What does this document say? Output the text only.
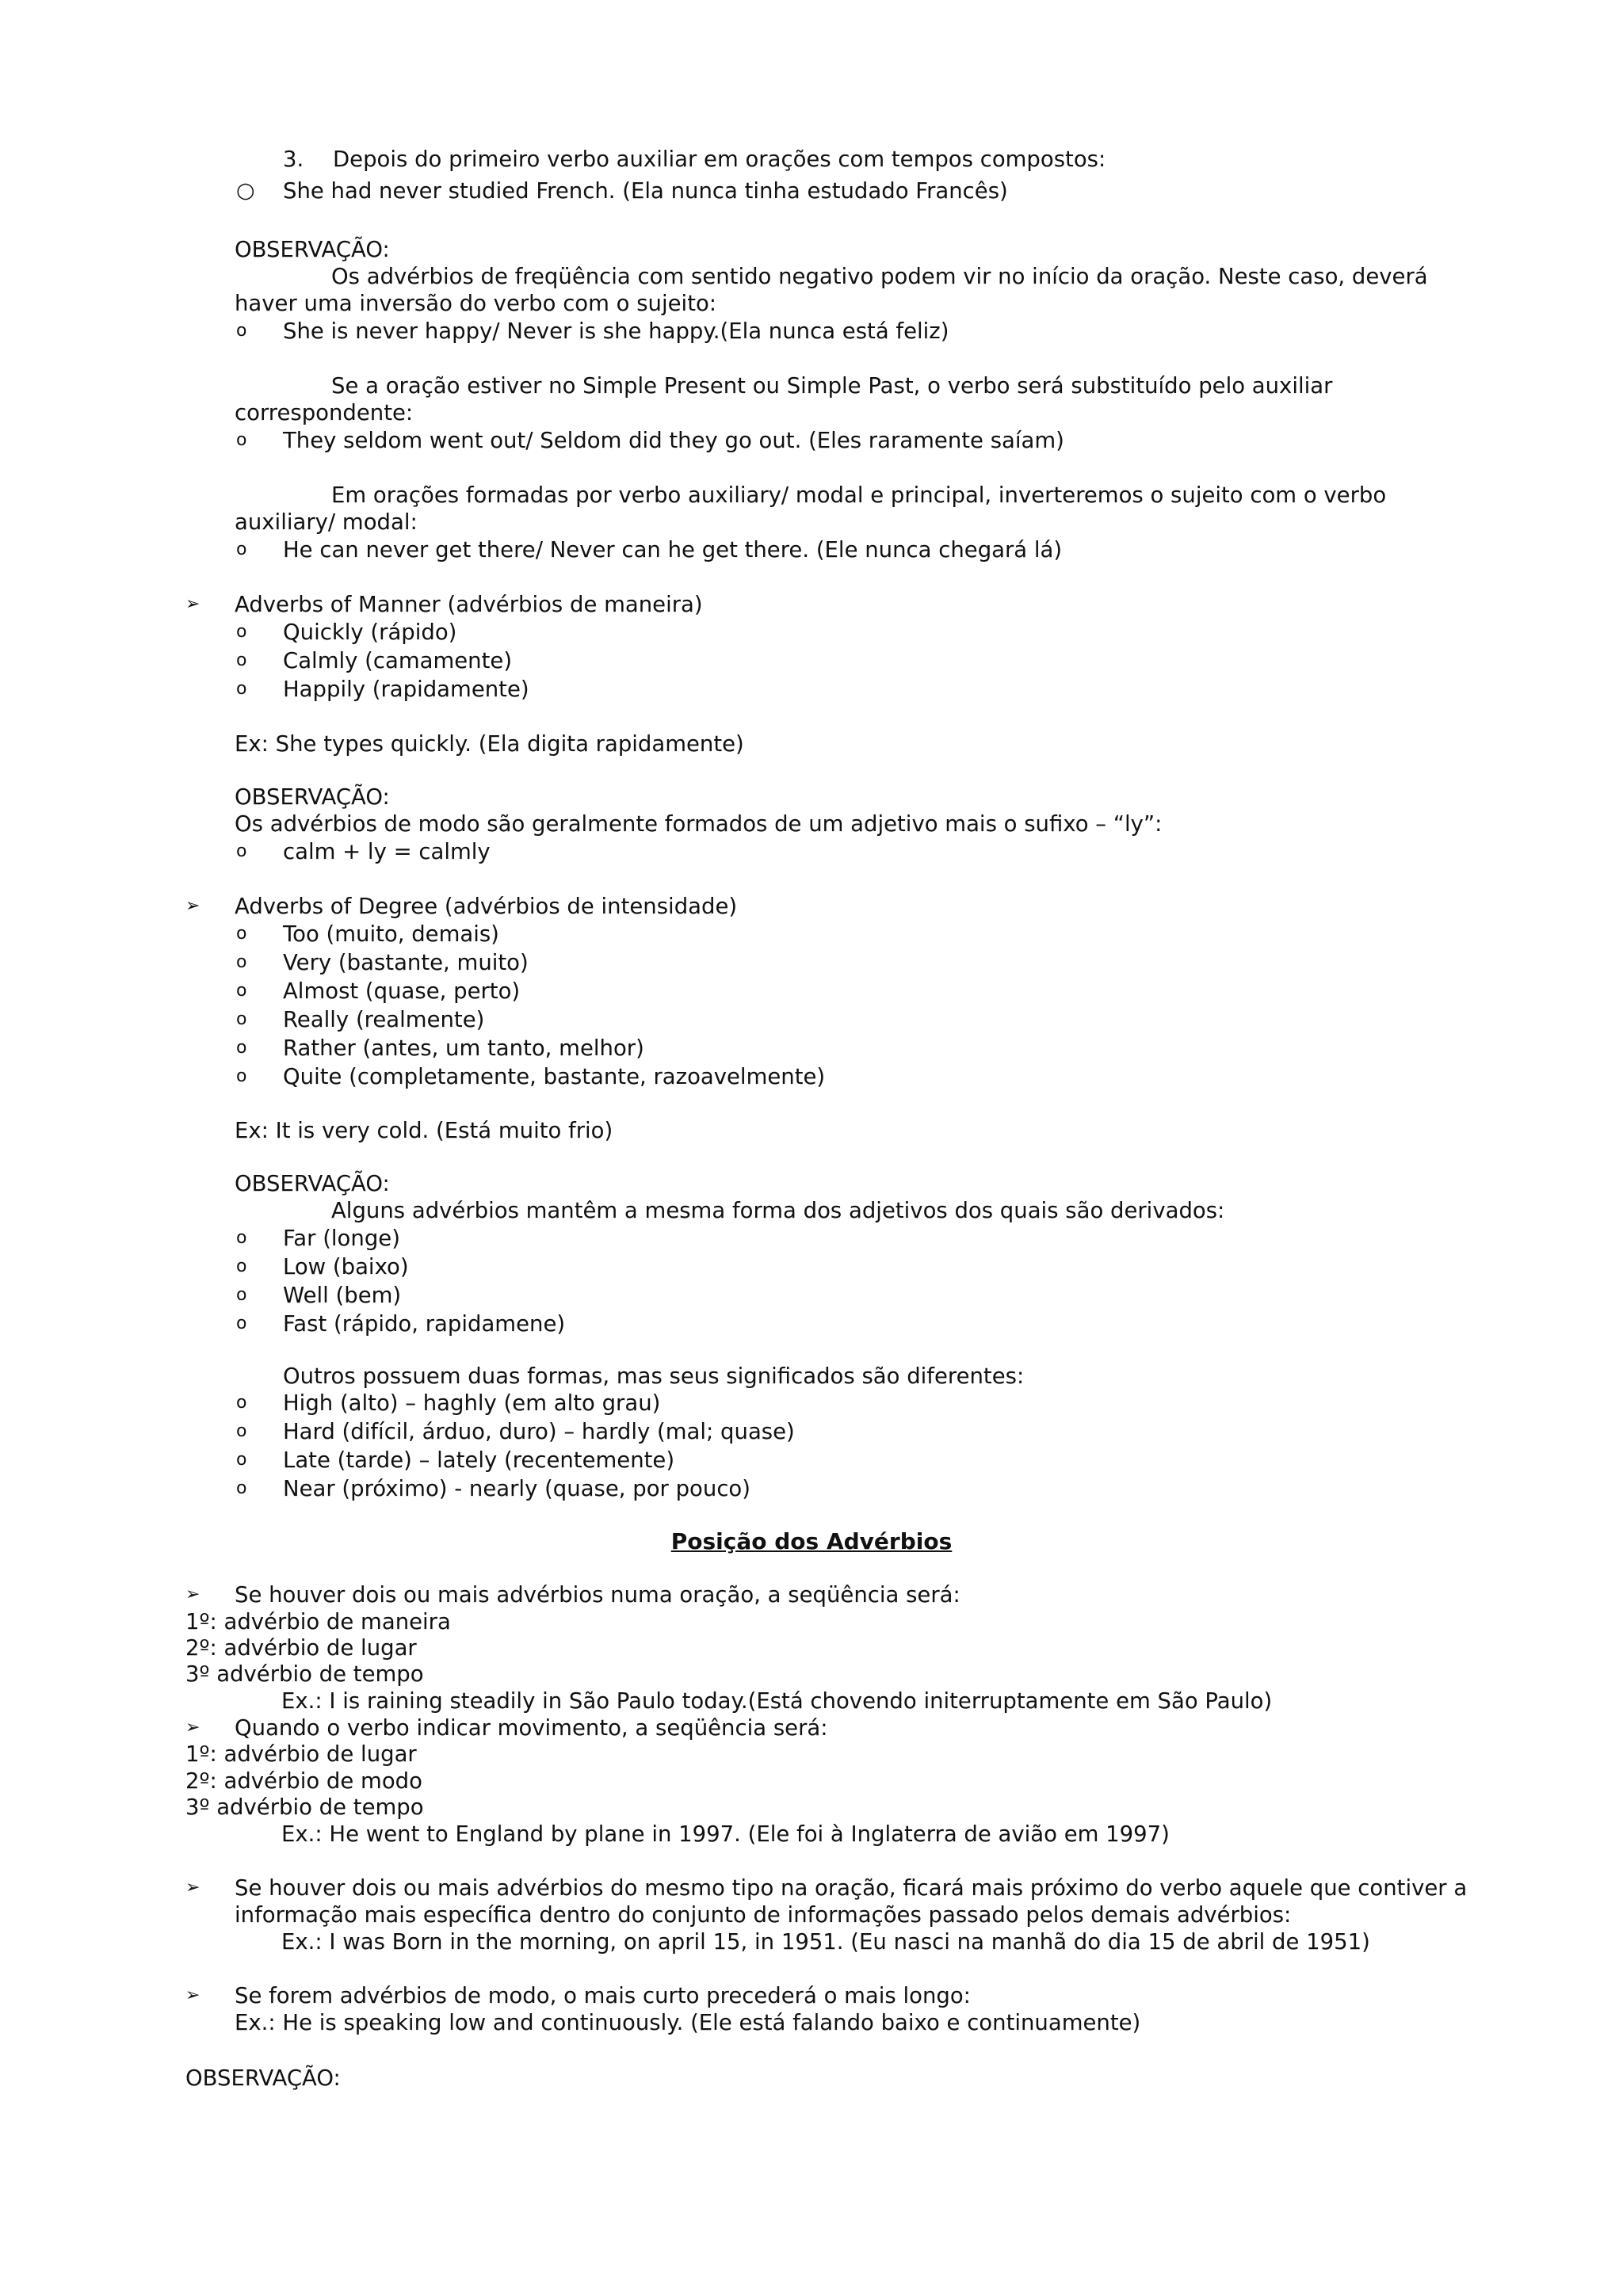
3. Depois do primeiro verbo auxiliar em orações com tempos compostos:
○ She had never studied French. (Ela nunca tinha estudado Francês)
OBSERVAÇÃO:
Os advérbios de freqüência com sentido negativo podem vir no início da oração. Neste caso, deverá
haver uma inversão do verbo com o sujeito:
o She is never happy/ Never is she happy.(Ela nunca está feliz)
Se a oração estiver no Simple Present ou Simple Past, o verbo será substituído pelo auxiliar
correspondente:
o They seldom went out/ Seldom did they go out. (Eles raramente saíam)
Em orações formadas por verbo auxiliary/ modal e principal, inverteremos o sujeito com o verbo
auxiliary/ modal:
o He can never get there/ Never can he get there. (Ele nunca chegará lá)
➢ Adverbs of Manner (advérbios de maneira)
o Quickly (rápido)
o Calmly (camamente)
o Happily (rapidamente)
Ex: She types quickly. (Ela digita rapidamente)
OBSERVAÇÃO:
Os advérbios de modo são geralmente formados de um adjetivo mais o sufixo – “ly”:
o calm + ly = calmly
➢ Adverbs of Degree (advérbios de intensidade)
o Too (muito, demais)
o Very (bastante, muito)
o Almost (quase, perto)
o Really (realmente)
o Rather (antes, um tanto, melhor)
o Quite (completamente, bastante, razoavelmente)
Ex: It is very cold. (Está muito frio)
OBSERVAÇÃO:
Alguns advérbios mantêm a mesma forma dos adjetivos dos quais são derivados:
o Far (longe)
o Low (baixo)
o Well (bem)
o Fast (rápido, rapidamene)
Outros possuem duas formas, mas seus significados são diferentes:
o High (alto) – haghly (em alto grau)
o Hard (difícil, árduo, duro) – hardly (mal; quase)
o Late (tarde) – lately (recentemente)
o Near (próximo) - nearly (quase, por pouco)
Posição dos Advérbios
➢ Se houver dois ou mais advérbios numa oração, a seqüência será:
1º: advérbio de maneira
2º: advérbio de lugar
3º advérbio de tempo
Ex.: I is raining steadily in São Paulo today.(Está chovendo initerruptamente em São Paulo)
➢ Quando o verbo indicar movimento, a seqüência será:
1º: advérbio de lugar
2º: advérbio de modo
3º advérbio de tempo
Ex.: He went to England by plane in 1997. (Ele foi à Inglaterra de avião em 1997)
➢ Se houver dois ou mais advérbios do mesmo tipo na oração, ficará mais próximo do verbo aquele que contiver a
informação mais específica dentro do conjunto de informações passado pelos demais advérbios:
Ex.: I was Born in the morning, on april 15, in 1951. (Eu nasci na manhã do dia 15 de abril de 1951)
➢ Se forem advérbios de modo, o mais curto precederá o mais longo:
Ex.: He is speaking low and continuously. (Ele está falando baixo e continuamente)
OBSERVAÇÃO:
